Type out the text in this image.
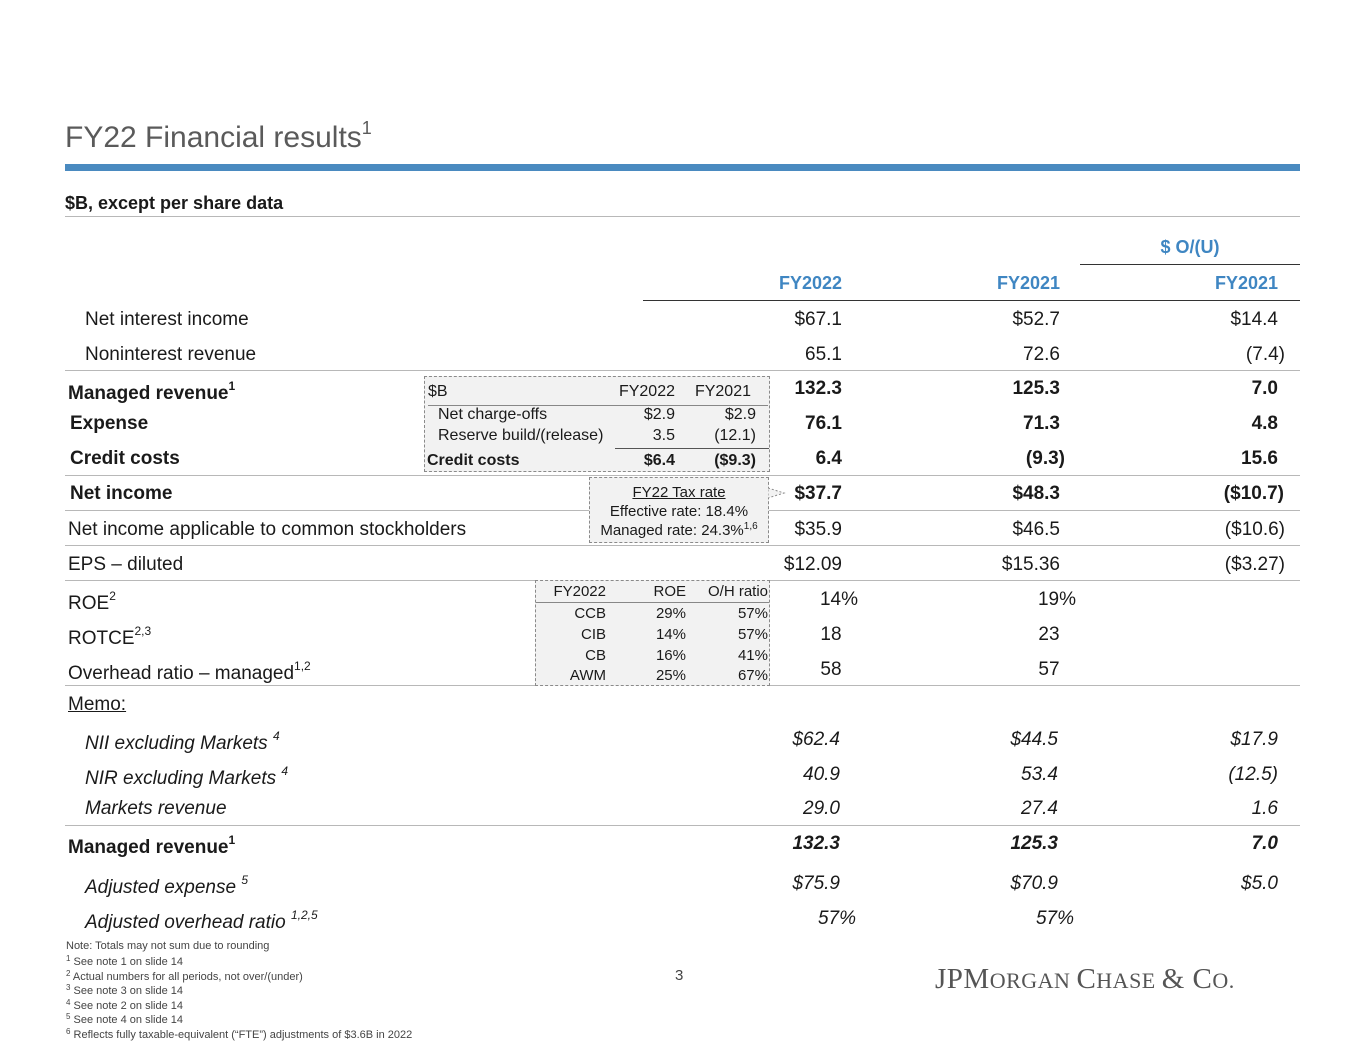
FY22 Financial results$^1$
$B, except per share data
$ O/(U)
FY2022	FY2021	FY2021
Net interest income	$67.1	$52.7	$14.4
Noninterest revenue	65.1	72.6	(7.4)
Managed revenue$^1$	132.3	125.3	7.0
Expense	76.1	71.3	4.8
Credit costs	6.4	(9.3)	15.6
Net income	$37.7	$48.3	($10.7)
Net income applicable to common stockholders	$35.9	$46.5	($10.6)
EPS – diluted	$12.09	$15.36	($3.27)
ROE$^2$	14%	19%
ROTCE$^{2,3}$	18	23
Overhead ratio – managed$^{1,2}$	58	57
Memo:
NII excluding Markets $^4$	$62.4	$44.5	$17.9
NIR excluding Markets $^4$	40.9	53.4	(12.5)
Markets revenue	29.0	27.4	1.6
Managed revenue$^1$	132.3	125.3	7.0
Adjusted expense $^5$	$75.9	$70.9	$5.0
Adjusted overhead ratio $^{1,2,5}$	57%	57%
$B	FY2022	FY2021
Net charge-offs	$2.9	$2.9
Reserve build/(release)	3.5	(12.1)
Credit costs	$6.4	($9.3)
FY22 Tax rate
Effective rate: 18.4%
Managed rate: 24.3%$^{1,6}$
FY2022	ROE	O/H ratio
CCB	29%	57%
CIB	14%	57%
CB	16%	41%
AWM	25%	67%
Note: Totals may not sum due to rounding
$^1$ See note 1 on slide 14
$^2$ Actual numbers for all periods, not over/(under)
$^3$ See note 3 on slide 14
$^4$ See note 2 on slide 14
$^5$ See note 4 on slide 14
$^6$ Reflects fully taxable-equivalent (“FTE”) adjustments of $3.6B in 2022
3	JPMORGAN CHASE & CO.
